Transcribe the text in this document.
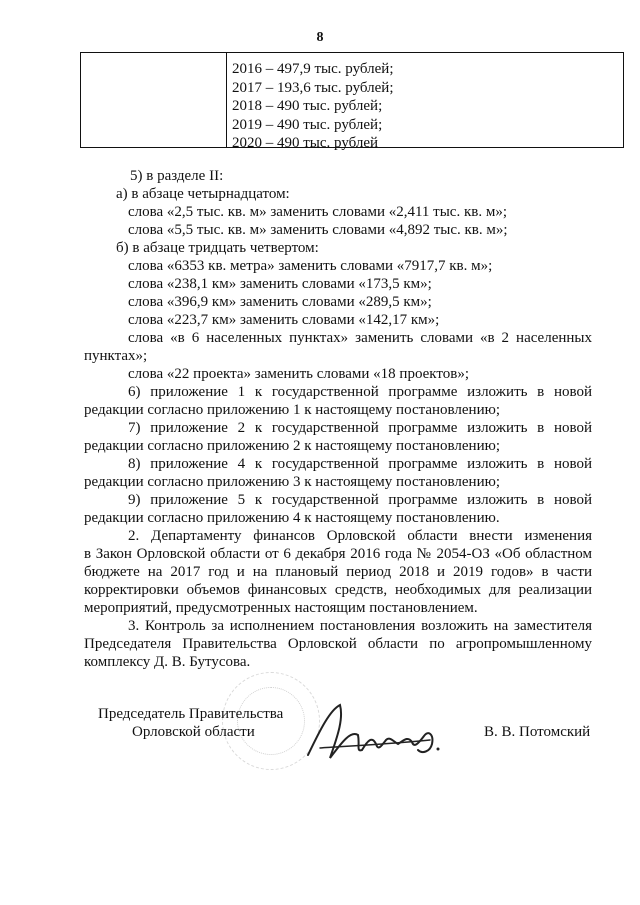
8
2016 – 497,9 тыс. рублей;
2017 – 193,6 тыс. рублей;
2018 – 490 тыс. рублей;
2019 – 490 тыс. рублей;
2020 – 490 тыс. рублей
5) в разделе II:
а) в абзаце четырнадцатом:
слова «2,5 тыс. кв. м» заменить словами «2,411 тыс. кв. м»;
слова «5,5 тыс. кв. м» заменить словами «4,892 тыс. кв. м»;
б) в абзаце тридцать четвертом:
слова «6353 кв. метра» заменить словами «7917,7 кв. м»;
слова «238,1 км» заменить словами «173,5 км»;
слова «396,9 км» заменить словами «289,5 км»;
слова «223,7 км» заменить словами «142,17 км»;
слова «в 6 населенных пунктах» заменить словами «в 2 населенных
пунктах»;
слова «22 проекта» заменить словами «18 проектов»;
6) приложение 1 к государственной программе изложить в новой
редакции согласно приложению 1 к настоящему постановлению;
7) приложение 2 к государственной программе изложить в новой
редакции согласно приложению 2 к настоящему постановлению;
8) приложение 4 к государственной программе изложить в новой
редакции согласно приложению 3 к настоящему постановлению;
9) приложение 5 к государственной программе изложить в новой
редакции согласно приложению 4 к настоящему постановлению.
2. Департаменту финансов Орловской области внести изменения
в Закон Орловской области от 6 декабря 2016 года № 2054-ОЗ «Об областном
бюджете на 2017 год и на плановый период 2018 и 2019 годов» в части
корректировки объемов финансовых средств, необходимых для реализации
мероприятий, предусмотренных настоящим постановлением.
3. Контроль за исполнением постановления возложить на заместителя
Председателя Правительства Орловской области по агропромышленному
комплексу Д. В. Бутусова.
Председатель Правительства
Орловской области	В. В. Потомский
